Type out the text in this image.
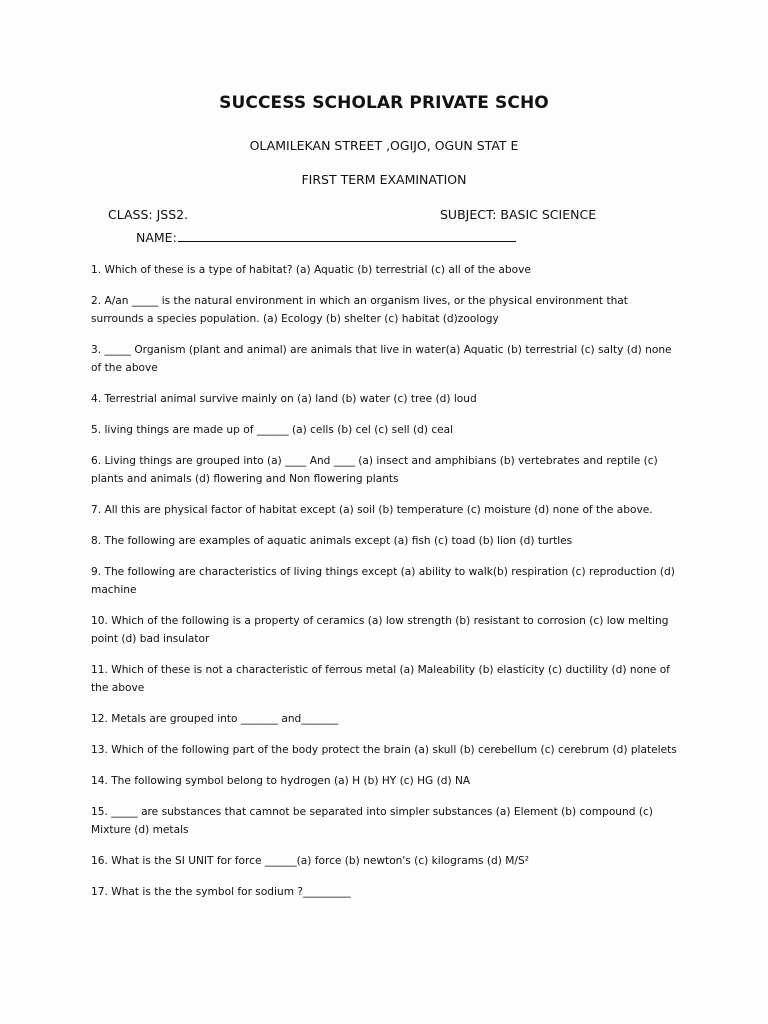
SUCCESS SCHOLAR PRIVATE SCHO
OLAMILEKAN STREET ,OGIJO, OGUN STAT E
FIRST TERM EXAMINATION
CLASS: JSS2.	SUBJECT: BASIC SCIENCE
NAME:

1. Which of these is a type of habitat? (a) Aquatic (b) terrestrial (c) all of the above

2. A/an _____ is the natural environment in which an organism lives, or the physical environment that surrounds a species population. (a) Ecology (b) shelter (c) habitat (d)zoology

3. _____ Organism (plant and animal) are animals that live in water(a) Aquatic (b) terrestrial (c) salty (d) none of the above

4. Terrestrial animal survive mainly on (a) land (b) water (c) tree (d) loud

5. living things are made up of ______ (a) cells (b) cel (c) sell (d) ceal

6. Living things are grouped into (a) ____ And ____ (a) insect and amphibians (b) vertebrates and reptile (c) plants and animals (d) flowering and Non flowering plants

7. All this are physical factor of habitat except (a) soil (b) temperature (c) moisture (d) none of the above.

8. The following are examples of aquatic animals except (a) fish (c) toad (b) lion (d) turtles

9. The following are characteristics of living things except (a) ability to walk(b) respiration (c) reproduction (d) machine

10. Which of the following is a property of ceramics (a) low strength (b) resistant to corrosion (c) low melting point (d) bad insulator

11. Which of these is not a characteristic of ferrous metal (a) Maleability (b) elasticity (c) ductility (d) none of the above

12. Metals are grouped into _______ and_______

13. Which of the following part of the body protect the brain (a) skull (b) cerebellum (c) cerebrum (d) platelets

14. The following symbol belong to hydrogen (a) H (b) HY (c) HG (d) NA

15. _____ are substances that camnot be separated into simpler substances (a) Element (b) compound (c) Mixture (d) metals

16. What is the SI UNIT for force ______(a) force (b) newton's (c) kilograms (d) M/S²

17. What is the the symbol for sodium ?_________
